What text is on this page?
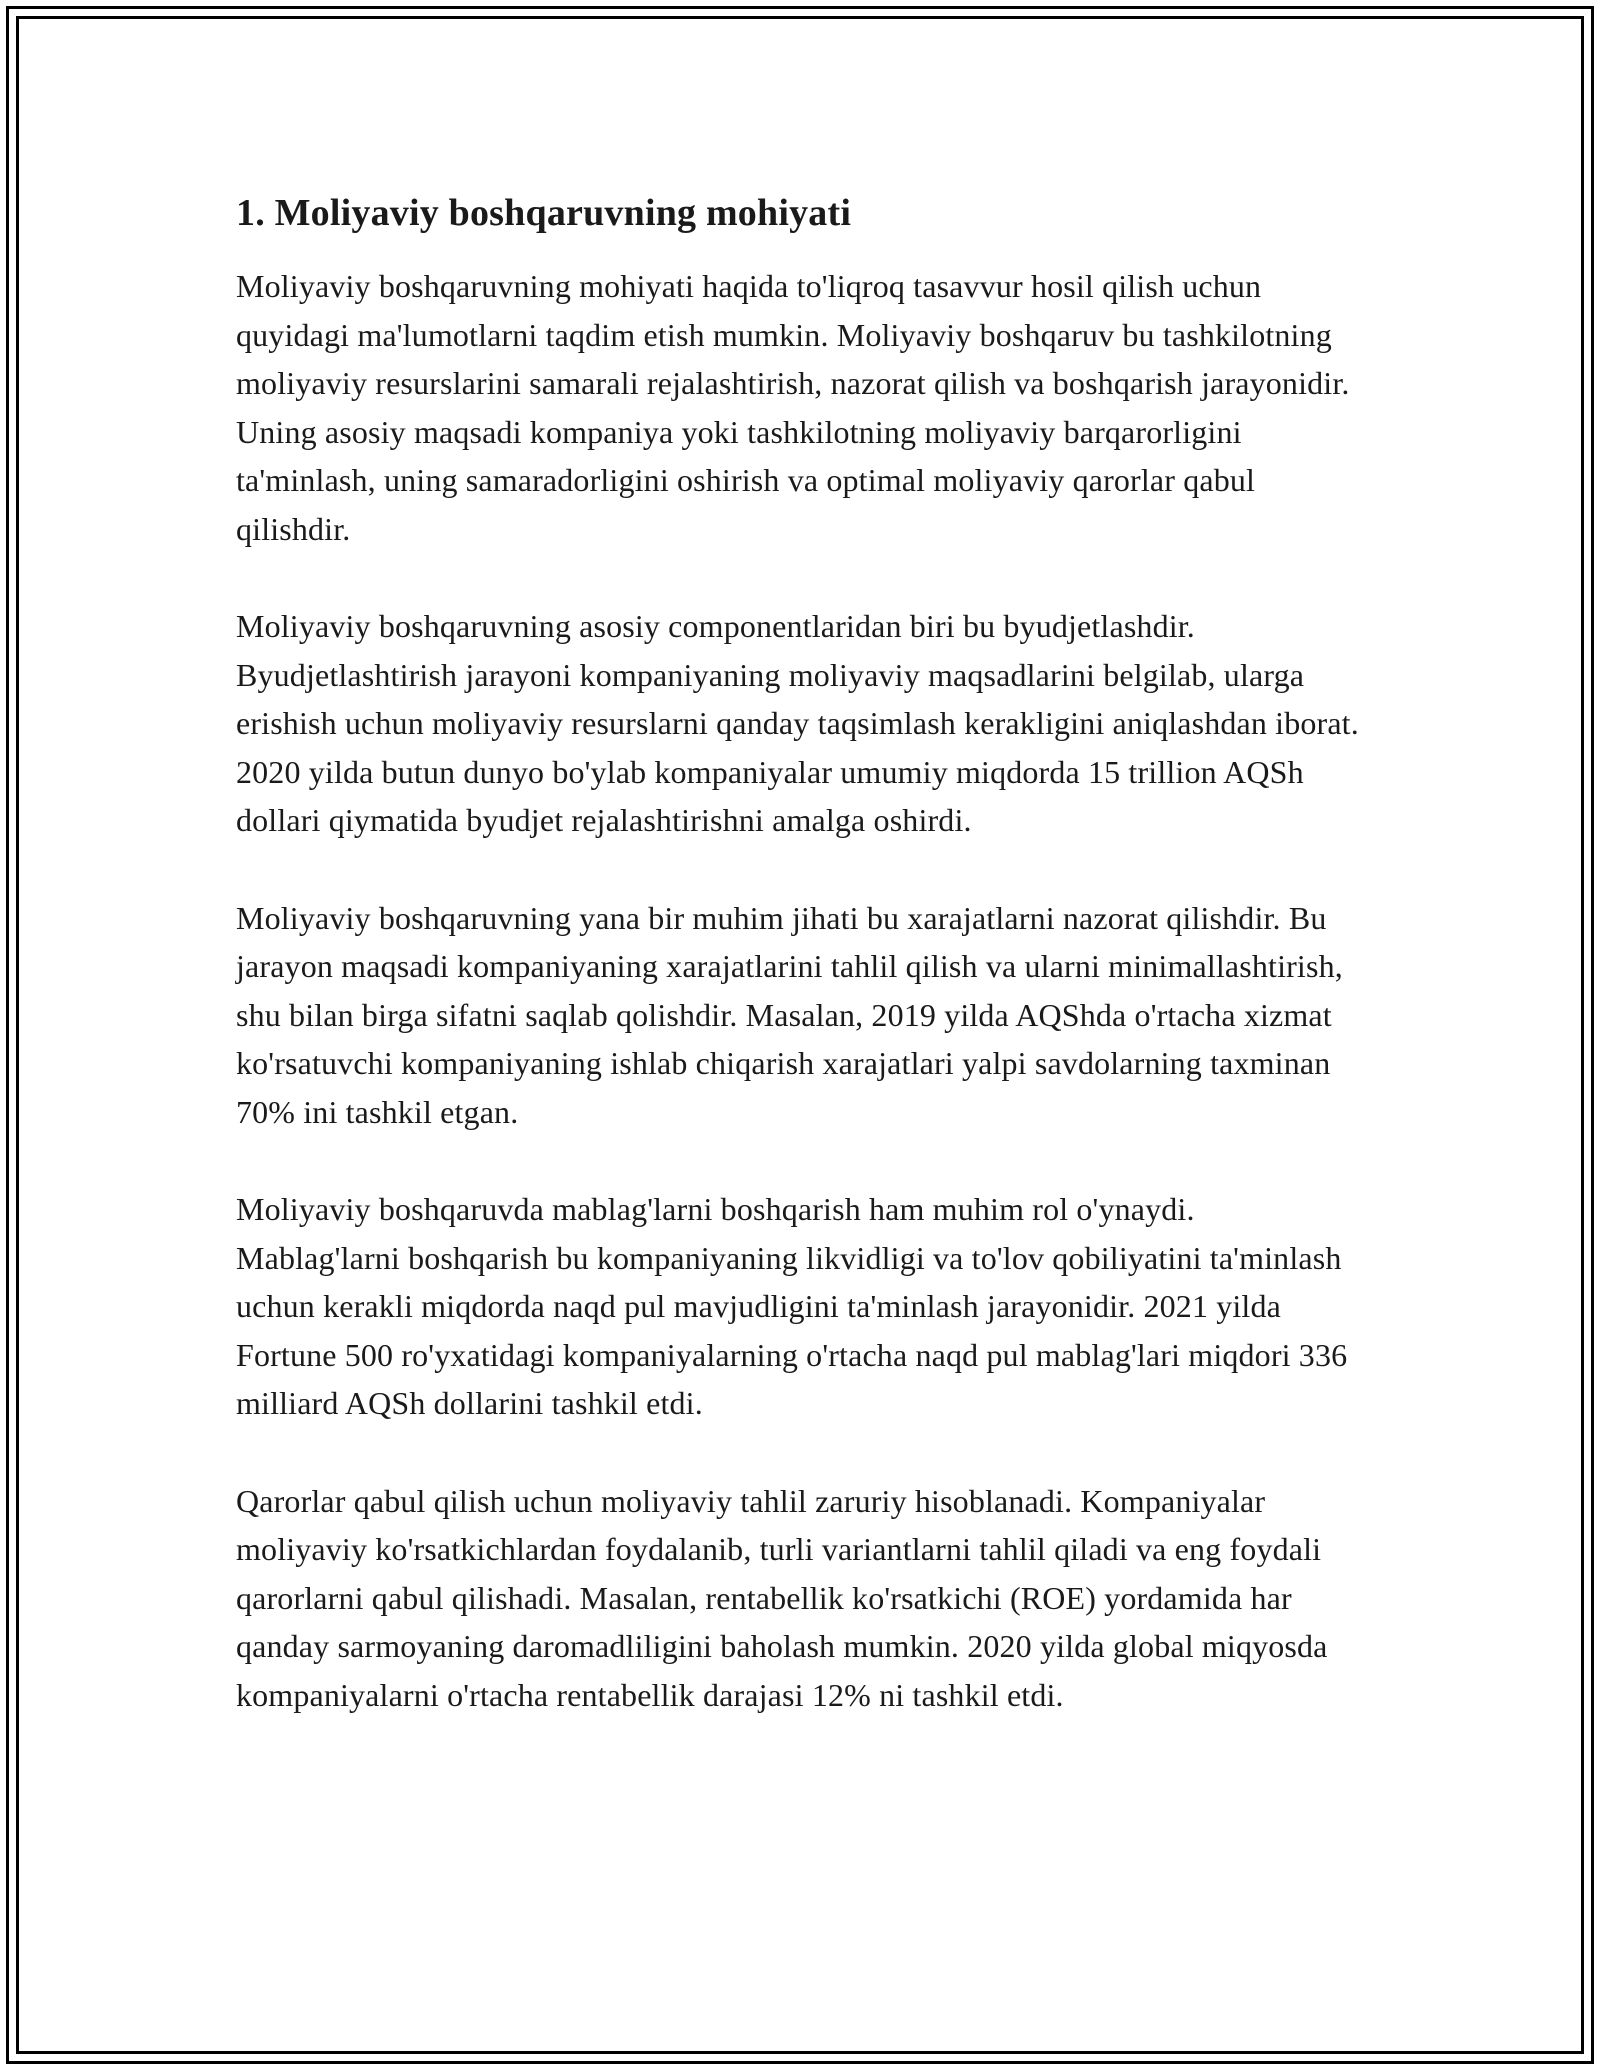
1. Moliyaviy boshqaruvning mohiyati

Moliyaviy boshqaruvning mohiyati haqida to'liqroq tasavvur hosil qilish uchun quyidagi ma'lumotlarni taqdim etish mumkin. Moliyaviy boshqaruv bu tashkilotning moliyaviy resurslarini samarali rejalashtirish, nazorat qilish va boshqarish jarayonidir. Uning asosiy maqsadi kompaniya yoki tashkilotning moliyaviy barqarorligini ta'minlash, uning samaradorligini oshirish va optimal moliyaviy qarorlar qabul qilishdir.

Moliyaviy boshqaruvning asosiy componentlaridan biri bu byudjetlashdir. Byudjetlashtirish jarayoni kompaniyaning moliyaviy maqsadlarini belgilab, ularga erishish uchun moliyaviy resurslarni qanday taqsimlash kerakligini aniqlashdan iborat. 2020 yilda butun dunyo bo'ylab kompaniyalar umumiy miqdorda 15 trillion AQSh dollari qiymatida byudjet rejalashtirishni amalga oshirdi.

Moliyaviy boshqaruvning yana bir muhim jihati bu xarajatlarni nazorat qilishdir. Bu jarayon maqsadi kompaniyaning xarajatlarini tahlil qilish va ularni minimallashtirish, shu bilan birga sifatni saqlab qolishdir. Masalan, 2019 yilda AQShda o'rtacha xizmat ko'rsatuvchi kompaniyaning ishlab chiqarish xarajatlari yalpi savdolarning taxminan 70% ini tashkil etgan.

Moliyaviy boshqaruvda mablag'larni boshqarish ham muhim rol o'ynaydi. Mablag'larni boshqarish bu kompaniyaning likvidligi va to'lov qobiliyatini ta'minlash uchun kerakli miqdorda naqd pul mavjudligini ta'minlash jarayonidir. 2021 yilda Fortune 500 ro'yxatidagi kompaniyalarning o'rtacha naqd pul mablag'lari miqdori 336 milliard AQSh dollarini tashkil etdi.

Qarorlar qabul qilish uchun moliyaviy tahlil zaruriy hisoblanadi. Kompaniyalar moliyaviy ko'rsatkichlardan foydalanib, turli variantlarni tahlil qiladi va eng foydali qarorlarni qabul qilishadi. Masalan, rentabellik ko'rsatkichi (ROE) yordamida har qanday sarmoyaning daromadliligini baholash mumkin. 2020 yilda global miqyosda kompaniyalarni o'rtacha rentabellik darajasi 12% ni tashkil etdi.
